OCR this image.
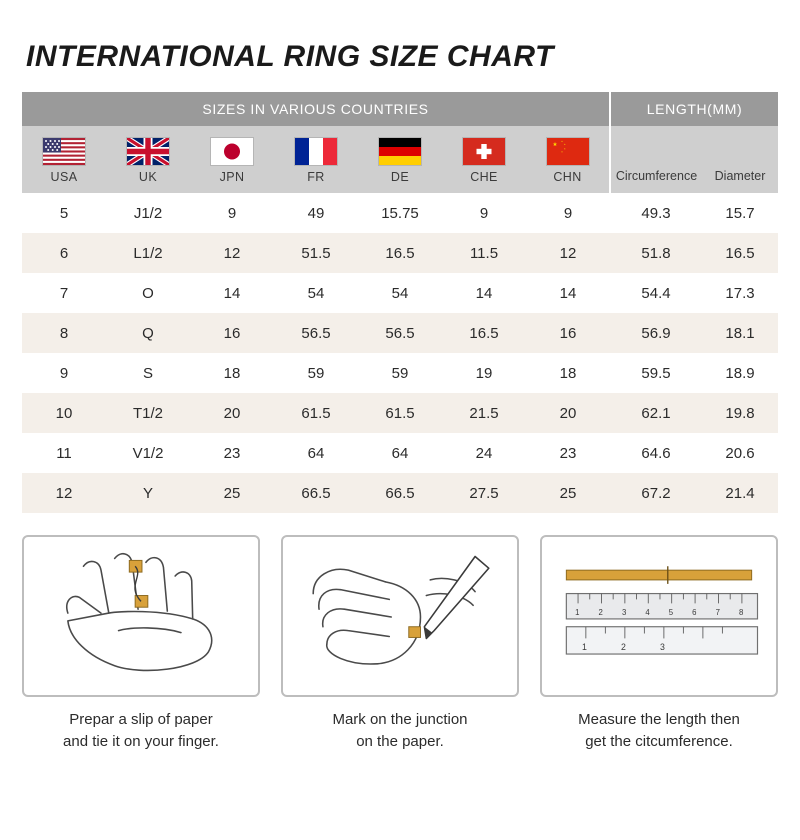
INTERNATIONAL RING SIZE CHART
SIZES IN VARIOUS COUNTRIES							LENGTH(MM)	

USA	UK	JPN	FR	DE	CHE	CHN	Circumference	Diameter

5	J1/2	9	49	15.75	9	9	49.3	15.7
6	L1/2	12	51.5	16.5	11.5	12	51.8	16.5
7	O	14	54	54	14	14	54.4	17.3
8	Q	16	56.5	56.5	16.5	16	56.9	18.1
9	S	18	59	59	19	18	59.5	18.9
10	T1/2	20	61.5	61.5	21.5	20	62.1	19.8
11	V1/2	23	64	64	24	23	64.6	20.6
12	Y	25	66.5	66.5	27.5	25	67.2	21.4
Prepar a slip of paper
and tie it on your finger.
Mark on the junction
on the paper.
1 2 3 4 5 6 7 8
1	2	3
Measure the length then
get the citcumference.
